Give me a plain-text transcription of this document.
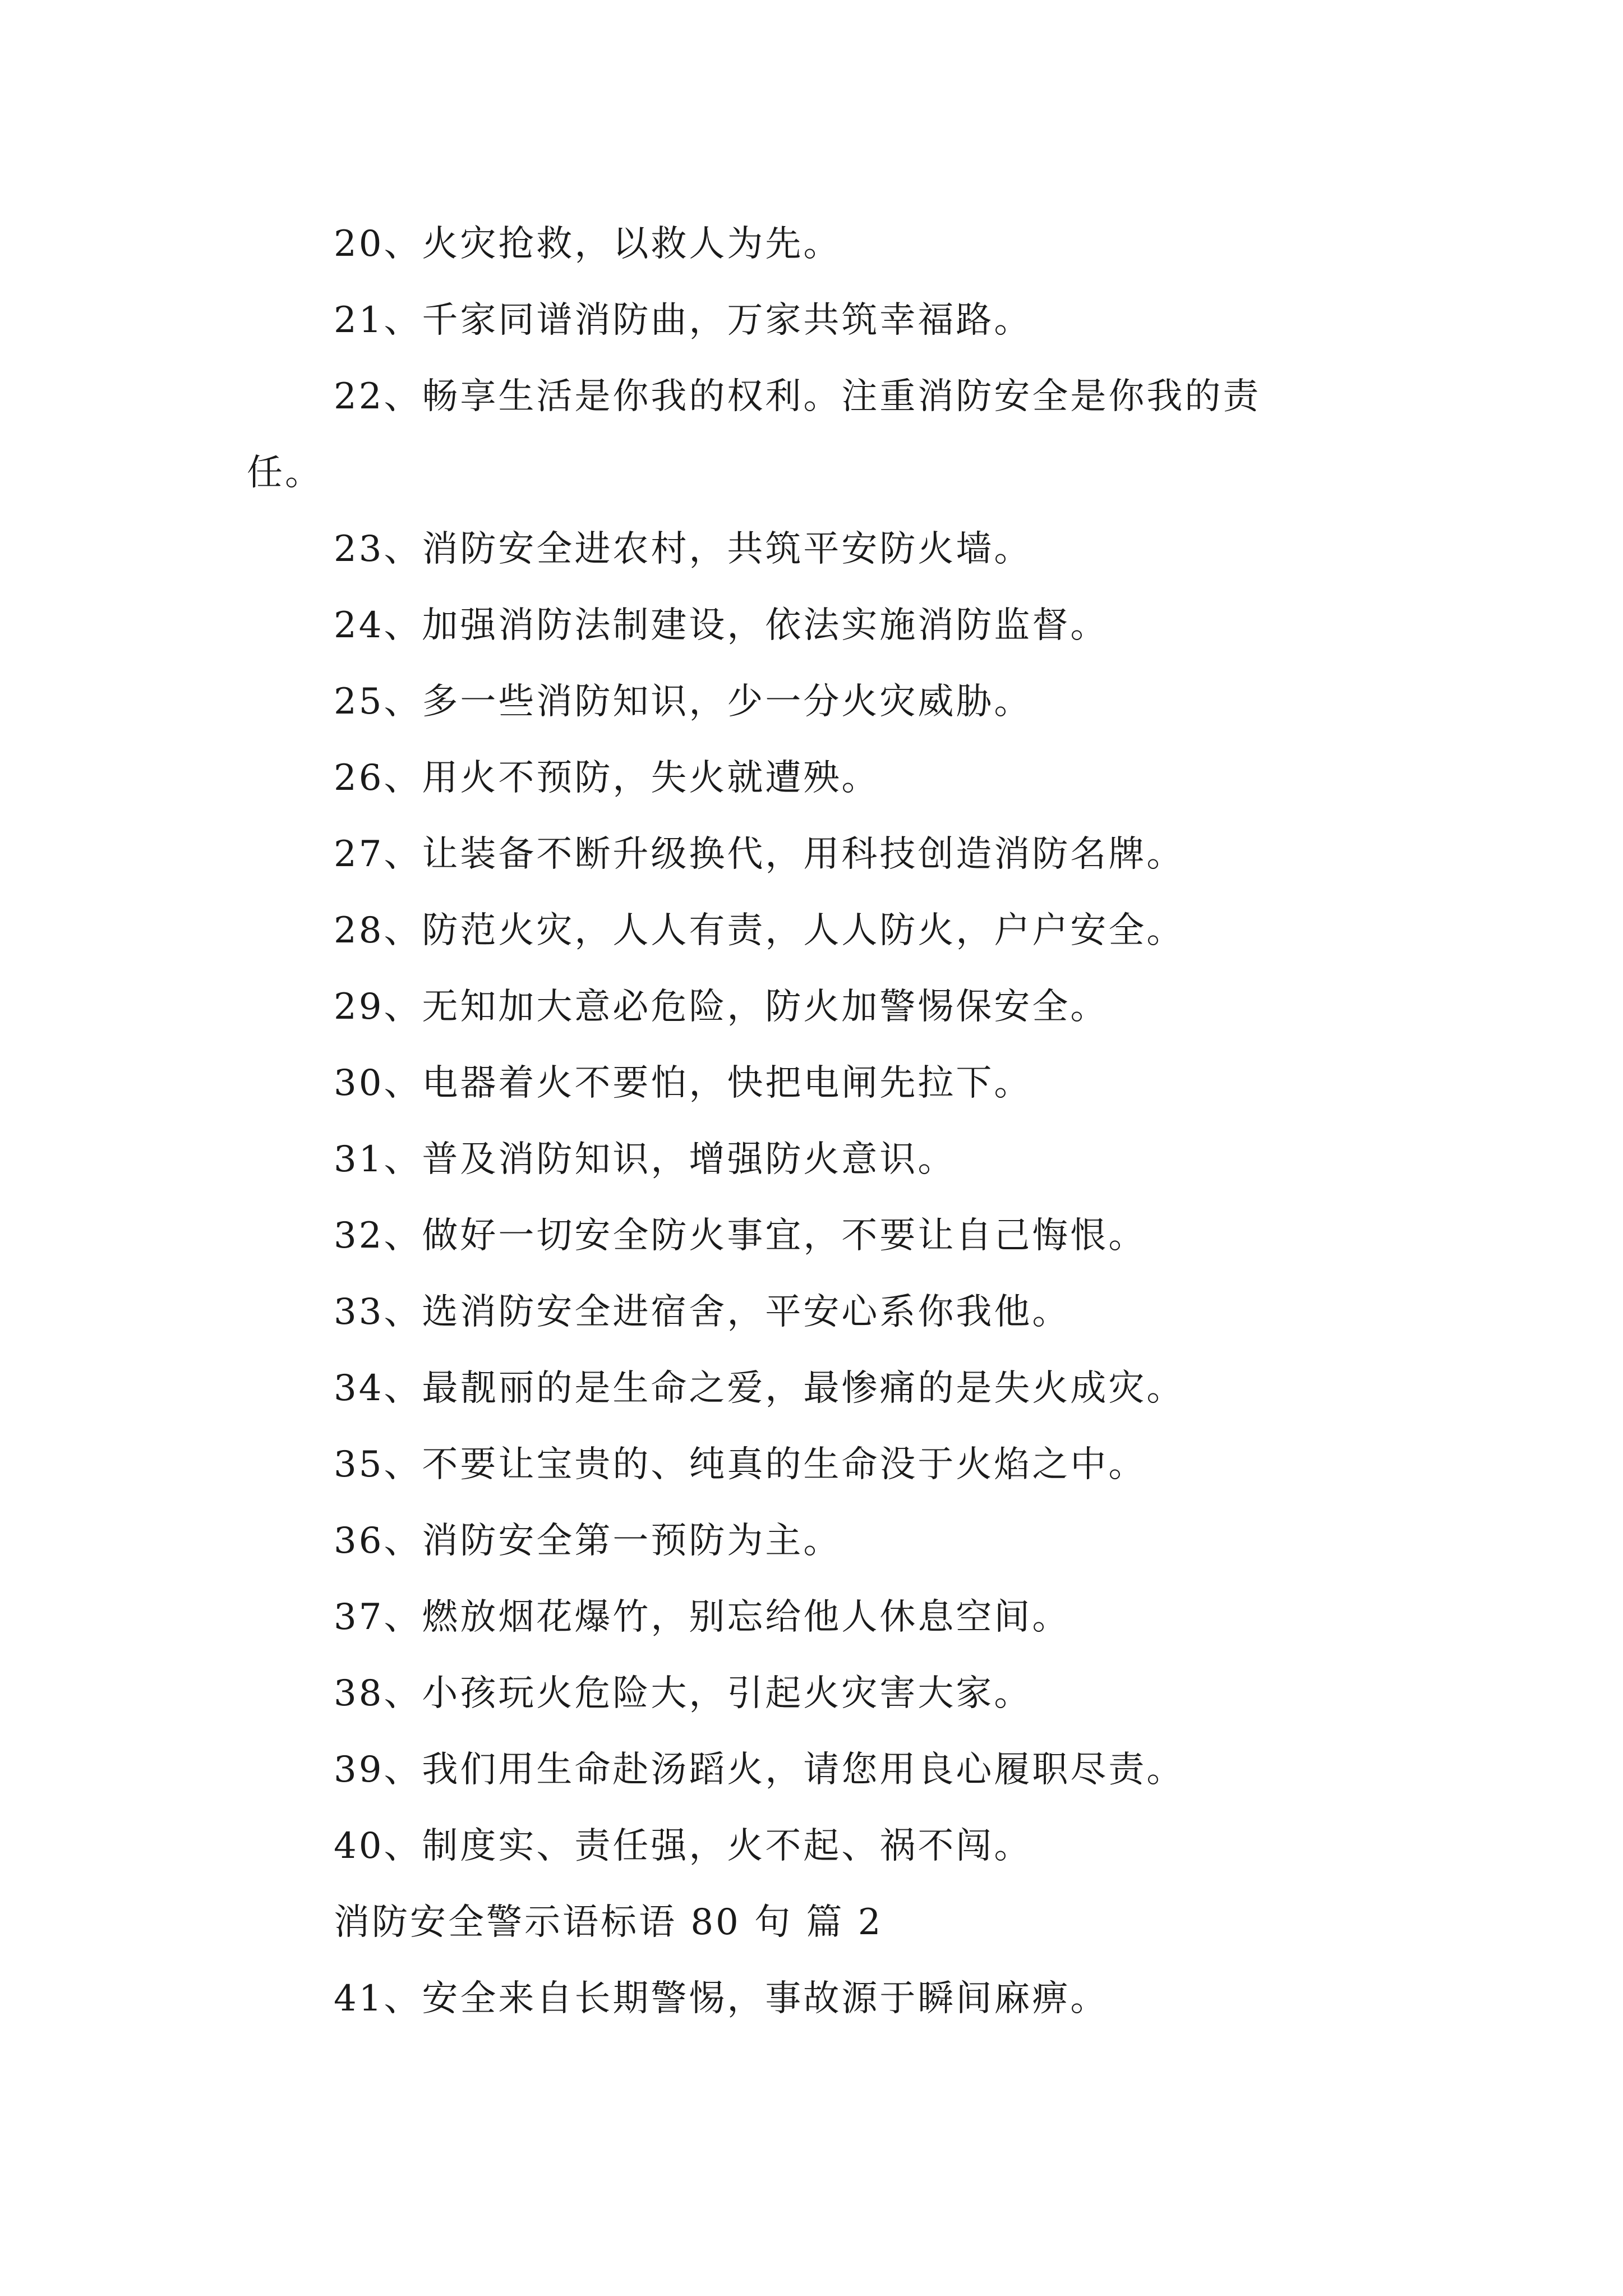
20、火灾抢救，以救人为先。
21、千家同谱消防曲，万家共筑幸福路。
22、畅享生活是你我的权利。注重消防安全是你我的责
任。
23、消防安全进农村，共筑平安防火墙。
24、加强消防法制建设，依法实施消防监督。
25、多一些消防知识，少一分火灾威胁。
26、用火不预防，失火就遭殃。
27、让装备不断升级换代，用科技创造消防名牌。
28、防范火灾，人人有责，人人防火，户户安全。
29、无知加大意必危险，防火加警惕保安全。
30、电器着火不要怕，快把电闸先拉下。
31、普及消防知识，增强防火意识。
32、做好一切安全防火事宜，不要让自己悔恨。
33、选消防安全进宿舍，平安心系你我他。
34、最靓丽的是生命之爱，最惨痛的是失火成灾。
35、不要让宝贵的、纯真的生命没于火焰之中。
36、消防安全第一预防为主。
37、燃放烟花爆竹，别忘给他人休息空间。
38、小孩玩火危险大，引起火灾害大家。
39、我们用生命赴汤蹈火，请您用良心履职尽责。
40、制度实、责任强，火不起、祸不闯。
消防安全警示语标语 80 句 篇 2
41、安全来自长期警惕，事故源于瞬间麻痹。
